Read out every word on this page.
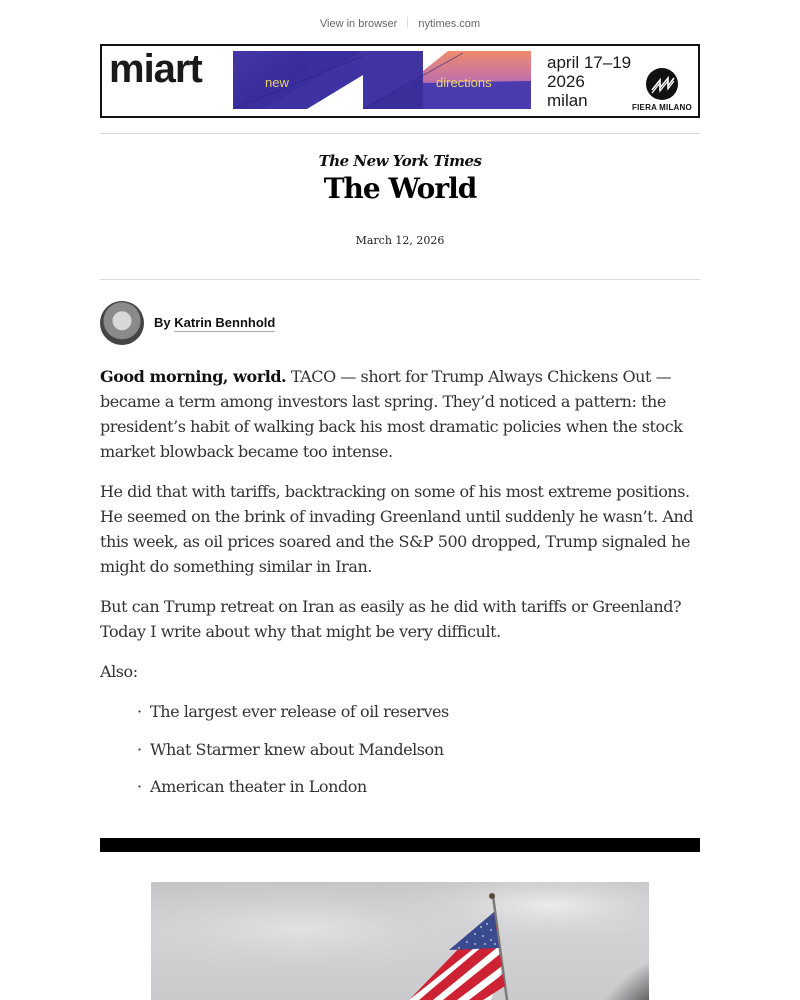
View in browser nytimes.com
miart	new	directions
april 17–19
2026
milan	FIERA MILANO
The New York Times
The World
March 12, 2026
By Katrin Bennhold

Good morning, world. TACO — short for Trump Always Chickens Out — became a term among investors last spring. They’d noticed a pattern: the president’s habit of walking back his most dramatic policies when the stock market blowback became too intense.

He did that with tariffs, backtracking on some of his most extreme positions. He seemed on the brink of invading Greenland until suddenly he wasn’t. And this week, as oil prices soared and the S&P 500 dropped, Trump signaled he might do something similar in Iran.

But can Trump retreat on Iran as easily as he did with tariffs or Greenland? Today I write about why that might be very difficult.

Also:

· The largest ever release of oil reserves
· What Starmer knew about Mandelson
· American theater in London
